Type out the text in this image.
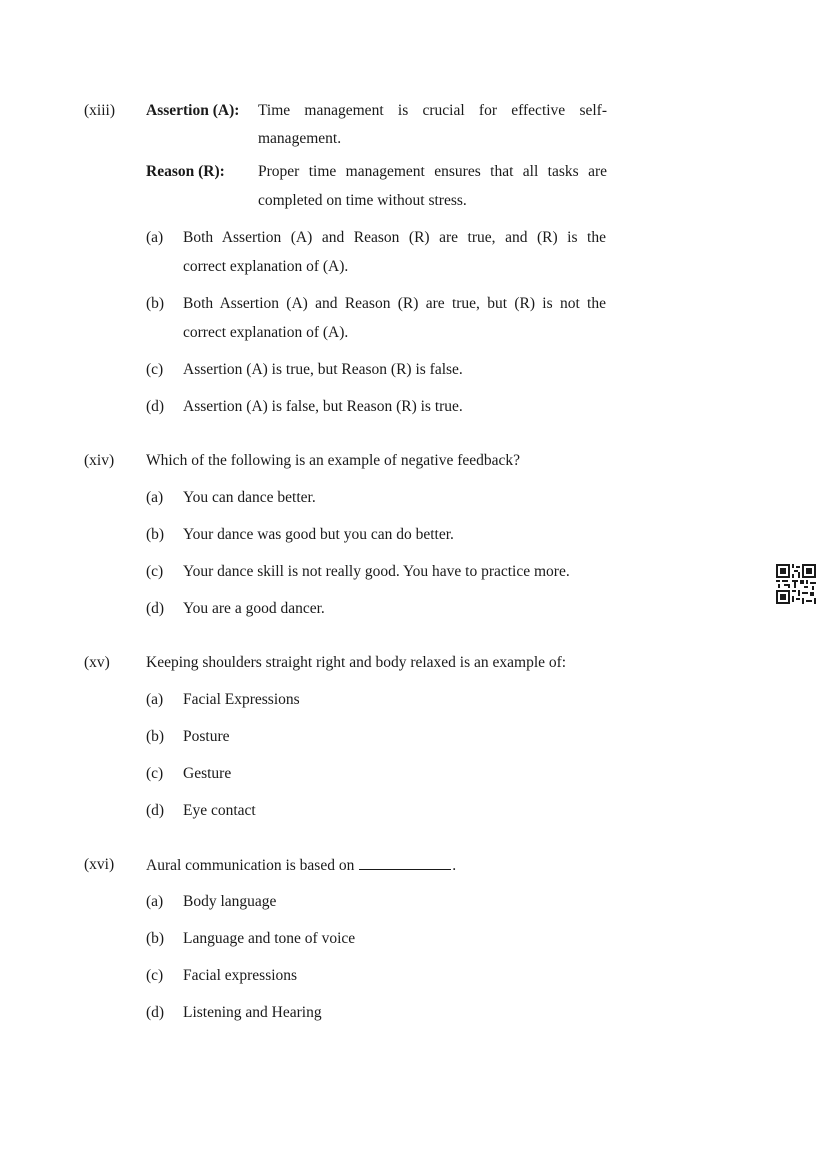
(xiii) Assertion (A): Time management is crucial for effective self-
management.
Reason (R): Proper time management ensures that all tasks are
completed on time without stress.
(a) Both Assertion (A) and Reason (R) are true, and (R) is the
correct explanation of (A).
(b) Both Assertion (A) and Reason (R) are true, but (R) is not the
correct explanation of (A).
(c) Assertion (A) is true, but Reason (R) is false.
(d) Assertion (A) is false, but Reason (R) is true.
(xiv) Which of the following is an example of negative feedback?
(a) You can dance better.
(b) Your dance was good but you can do better.
(c) Your dance skill is not really good. You have to practice more.
(d) You are a good dancer.
(xv) Keeping shoulders straight right and body relaxed is an example of:
(a) Facial Expressions
(b) Posture
(c) Gesture
(d) Eye contact
(xvi) Aural communication is based on	.
(a) Body language
(b) Language and tone of voice
(c) Facial expressions
(d) Listening and Hearing
